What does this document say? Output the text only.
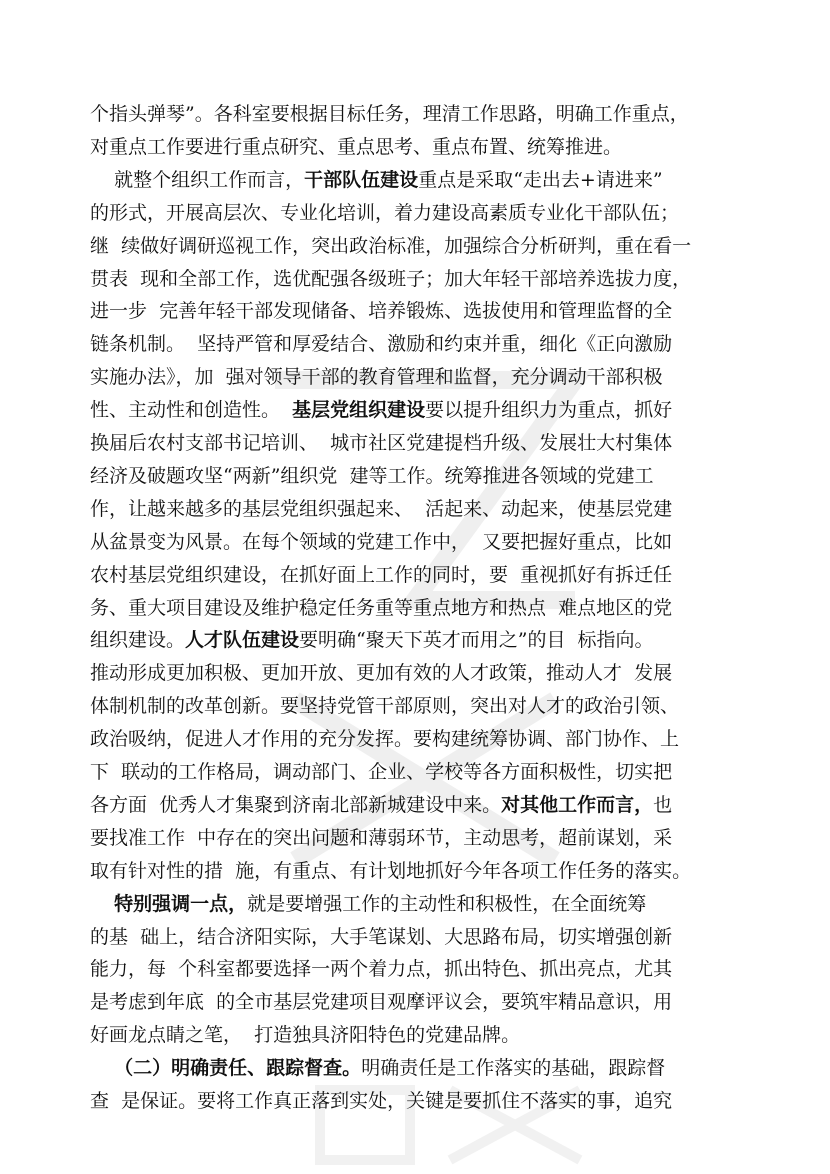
个指头弹琴”。各科室要根据目标任务，理清工作思路，明确工作重点，
对重点工作要进行重点研究、重点思考、重点布置、统筹推进。
就整个组织工作而言，干部队伍建设重点是采取“走出去+请进来”
的形式，开展高层次、专业化培训，着力建设高素质专业化干部队伍；
继  续做好调研巡视工作，突出政治标准，加强综合分析研判，重在看一
贯表  现和全部工作，选优配强各级班子；加大年轻干部培养选拔力度，
进一步  完善年轻干部发现储备、培养锻炼、选拔使用和管理监督的全
链条机制。  坚持严管和厚爱结合、激励和约束并重，细化《正向激励
实施办法》，加  强对领导干部的教育管理和监督，充分调动干部积极
性、主动性和创造性。  基层党组织建设要以提升组织力为重点，抓好
换届后农村支部书记培训、  城市社区党建提档升级、发展壮大村集体
经济及破题攻坚“两新”组织党  建等工作。统筹推进各领域的党建工
作，让越来越多的基层党组织强起来、  活起来、动起来，使基层党建
从盆景变为风景。在每个领域的党建工作中，  又要把握好重点，比如
农村基层党组织建设，在抓好面上工作的同时，要  重视抓好有拆迁任
务、重大项目建设及维护稳定任务重等重点地方和热点  难点地区的党
组织建设。人才队伍建设要明确“聚天下英才而用之”的目  标指向。
推动形成更加积极、更加开放、更加有效的人才政策，推动人才  发展
体制机制的改革创新。要坚持党管干部原则，突出对人才的政治引领、
政治吸纳，促进人才作用的充分发挥。要构建统筹协调、部门协作、上
下  联动的工作格局，调动部门、企业、学校等各方面积极性，切实把
各方面  优秀人才集聚到济南北部新城建设中来。对其他工作而言，也
要找准工作  中存在的突出问题和薄弱环节，主动思考，超前谋划，采
取有针对性的措  施，有重点、有计划地抓好今年各项工作任务的落实。
特别强调一点，就是要增强工作的主动性和积极性，在全面统筹
的基  础上，结合济阳实际，大手笔谋划、大思路布局，切实增强创新
能力，每  个科室都要选择一两个着力点，抓出特色、抓出亮点，尤其
是考虑到年底  的全市基层党建项目观摩评议会，要筑牢精品意识，用
好画龙点睛之笔，  打造独具济阳特色的党建品牌。
（二）明确责任、跟踪督查。明确责任是工作落实的基础，跟踪督
查  是保证。要将工作真正落到实处，关键是要抓住不落实的事，追究
